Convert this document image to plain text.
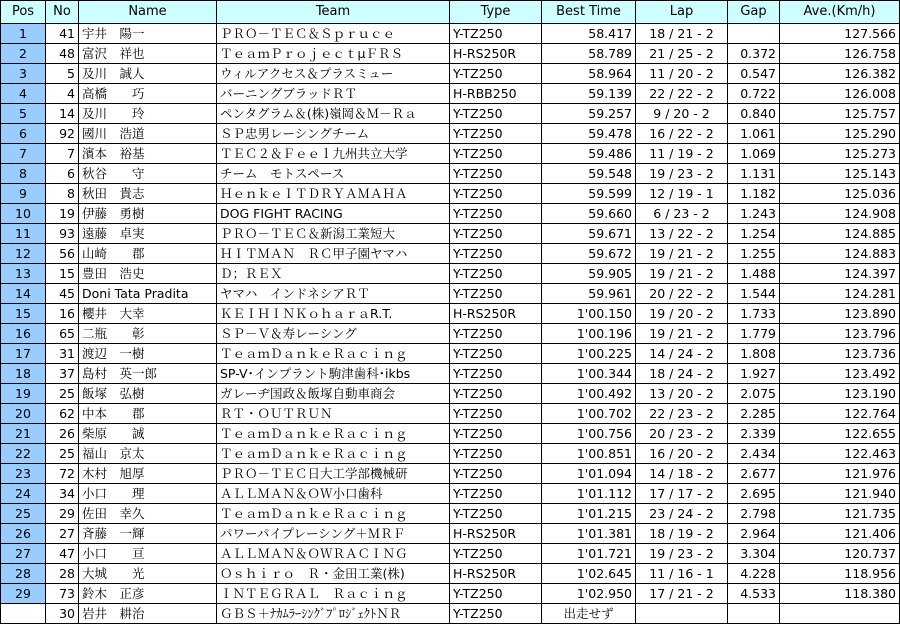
Pos	No	Name	Team	Type	Best Time	Lap	Gap	Ave.(Km/h)
1	41	宇井　陽一	ＰＲＯ－ＴＥＣ＆Ｓｐｒｕｃｅ	Y-TZ250	58.417	18 / 21 - 2		127.566
2	48	富沢　祥也	ＴｅａｍＰｒｏｊｅｃｔμＦＲＳ	H-RS250R	58.789	21 / 25 - 2	0.372	126.758
3	5	及川　誠人	ウィルアクセス＆プラスミュー	Y-TZ250	58.964	11 / 20 - 2	0.547	126.382
4	4	高橋　　巧	バーニングブラッドＲＴ	H-RBB250	59.139	22 / 22 - 2	0.722	126.008
5	14	及川　　玲	ペンタグラム＆(株)嶺岡＆Ｍ－Ｒａ	Y-TZ250	59.257	9 / 20 - 2	0.840	125.757
6	92	國川　浩道	ＳＰ忠男レーシングチーム	Y-TZ250	59.478	16 / 22 - 2	1.061	125.290
7	7	濱本　裕基	ＴＥＣ２＆Ｆｅｅｌ九州共立大学	Y-TZ250	59.486	11 / 19 - 2	1.069	125.273
8	6	秋谷　　守	チーム　モトスペース	Y-TZ250	59.548	19 / 23 - 2	1.131	125.143
9	8	秋田　貴志	ＨｅｎｋｅＩＴＤＲＹＡＭＡＨＡ	Y-TZ250	59.599	12 / 19 - 1	1.182	125.036
10	19	伊藤　勇樹	DOG FIGHT RACING	Y-TZ250	59.660	6 / 23 - 2	1.243	124.908
11	93	遠藤　卓実	ＰＲＯ－ＴＥＣ＆新潟工業短大	Y-TZ250	59.671	13 / 22 - 2	1.254	124.885
12	56	山崎　　郡	ＨＩＴＭＡＮ　ＲＣ甲子園ヤマハ	Y-TZ250	59.672	19 / 21 - 2	1.255	124.883
13	15	豊田　浩史	Ｄ；ＲＥＸ	Y-TZ250	59.905	19 / 21 - 2	1.488	124.397
14	45	Doni Tata Pradita	ヤマハ　インドネシアＲＴ	Y-TZ250	59.961	20 / 22 - 2	1.544	124.281
15	16	櫻井　大幸	ＫＥＩＨＩＮＫｏｈａｒａR.T.	H-RS250R	1'00.150	19 / 20 - 2	1.733	123.890
16	65	二瓶　　彰	ＳＰ－Ｖ＆寿レーシング	Y-TZ250	1'00.196	19 / 21 - 2	1.779	123.796
17	31	渡辺　一樹	ＴｅａｍＤａｎｋｅＲａｃｉｎｇ	Y-TZ250	1'00.225	14 / 24 - 2	1.808	123.736
18	37	島村　英一郎	SP-V･インプラント駒津歯科･ikbs	Y-TZ250	1'00.344	18 / 24 - 2	1.927	123.492
19	25	飯塚　弘樹	ガレーヂ国政＆飯塚自動車商会	Y-TZ250	1'00.492	13 / 20 - 2	2.075	123.190
20	62	中本　　郡	ＲＴ・ＯＵＴＲＵＮ	Y-TZ250	1'00.702	22 / 23 - 2	2.285	122.764
21	26	柴原　　誠	ＴｅａｍＤａｎｋｅＲａｃｉｎｇ	Y-TZ250	1'00.756	20 / 23 - 2	2.339	122.655
22	25	福山　京太	ＴｅａｍＤａｎｋｅＲａｃｉｎｇ	Y-TZ250	1'00.851	16 / 20 - 2	2.434	122.463
23	72	木村　旭厚	ＰＲＯ－ＴＥＣ日大工学部機械研	Y-TZ250	1'01.094	14 / 18 - 2	2.677	121.976
24	34	小口　　理	ＡＬＬＭＡＮ＆ＯＷ小口歯科	Y-TZ250	1'01.112	17 / 17 - 2	2.695	121.940
25	29	佐田　幸久	ＴｅａｍＤａｎｋｅＲａｃｉｎｇ	Y-TZ250	1'01.215	23 / 24 - 2	2.798	121.735
26	27	斉藤　一輝	パワーパイプレーシング＋ＭＲＦ	H-RS250R	1'01.381	18 / 19 - 2	2.964	121.406
27	47	小口　　亘	ＡＬＬＭＡＮ＆ＯＷＲＡＣＩＮＧ	Y-TZ250	1'01.721	19 / 23 - 2	3.304	120.737
28	28	大城　　光	Ｏｓｈｉｒｏ　Ｒ・金田工業(株)	H-RS250R	1'02.645	11 / 16 - 1	4.228	118.956
29	73	鈴木　正彦	ＩＮＴＥＧＲＡＬ　Ｒａｃｉｎｇ	Y-TZ250	1'02.950	17 / 21 - 2	4.533	118.380
	30	岩井　耕治	ＧＢＳ＋ﾅｶﾑﾗｰｼﾝｸﾞﾌﾟﾛｼﾞｪｸﾄＮＲ	Y-TZ250	出走せず			
